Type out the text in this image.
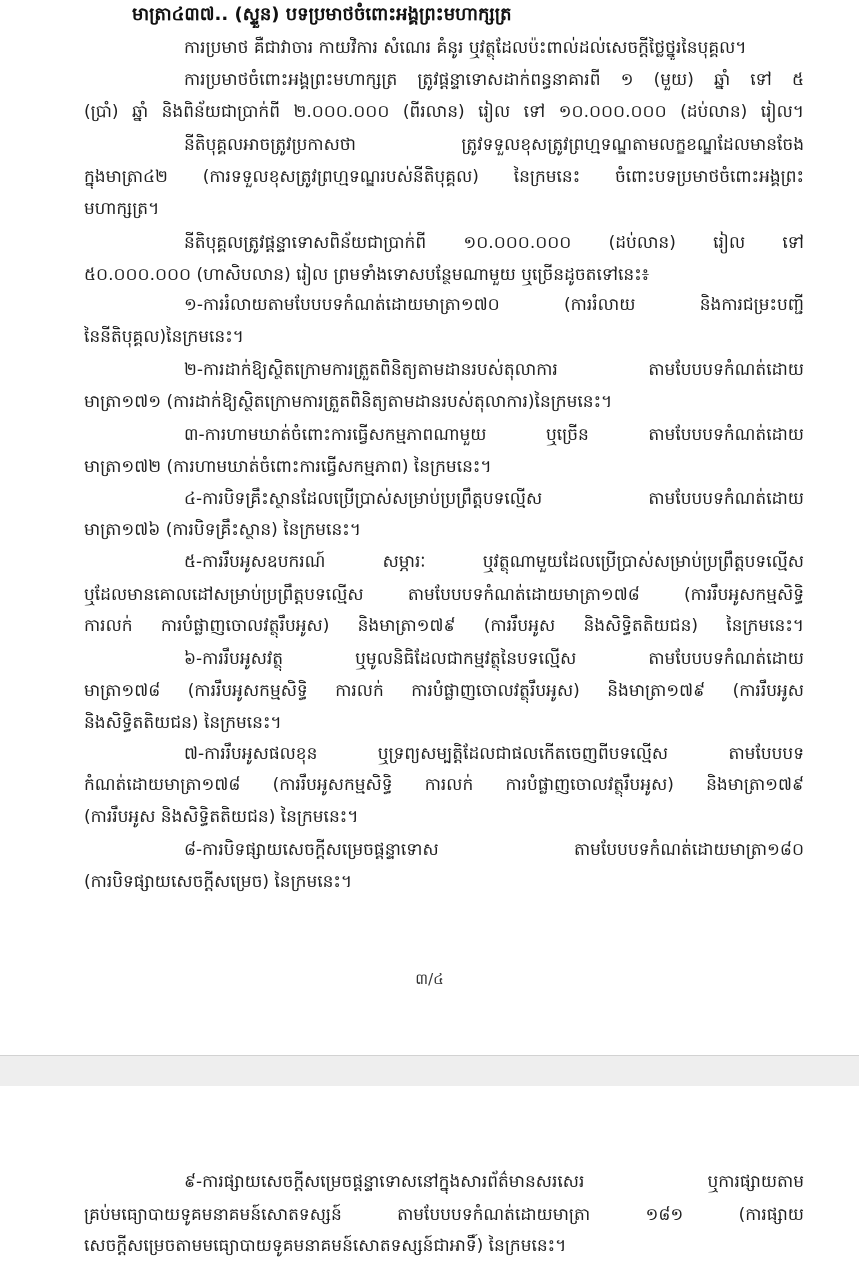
មាត្រា៤៣៧.. (ស្ទួន) បទប្រមាថចំពោះអង្គព្រះមហាក្សត្រ
ការប្រមាថ គឺជាវាចារ កាយវិការ សំណេរ គំនូរ ឬវត្ថុដែលប៉ះពាល់ដល់សេចក្ដីថ្លៃថ្នូរនៃបុគ្គល។
ការប្រមាថចំពោះអង្គព្រះមហាក្សត្រ ត្រូវផ្ដន្ទាទោសដាក់ពន្ធនាគារពី ១ (មួយ) ឆ្នាំ ទៅ ៥
(ប្រាំ) ឆ្នាំ និងពិន័យជាប្រាក់ពី ២.០០០.០០០ (ពីរលាន) រៀល ទៅ ១០.០០០.០០០ (ដប់លាន) រៀល។
នីតិបុគ្គលអាចត្រូវប្រកាសថា ត្រូវទទួលខុសត្រូវព្រហ្មទណ្ឌតាមលក្ខខណ្ឌដែលមានចែង
ក្នុងមាត្រា៤២ (ការទទួលខុសត្រូវព្រហ្មទណ្ឌរបស់នីតិបុគ្គល) នៃក្រមនេះ ចំពោះបទប្រមាថចំពោះអង្គព្រះ
មហាក្សត្រ។
នីតិបុគ្គលត្រូវផ្ដន្ទាទោសពិន័យជាប្រាក់ពី ១០.០០០.០០០ (ដប់លាន) រៀល ទៅ
៥០.០០០.០០០ (ហាសិបលាន) រៀល ព្រមទាំងទោសបន្ថែមណាមួយ ឬច្រើនដូចតទៅនេះ៖
១-ការរំលាយតាមបែបបទកំណត់ដោយមាត្រា១៧០ (ការរំលាយ និងការជម្រះបញ្ជី
នៃនីតិបុគ្គល)នៃក្រមនេះ។
២-ការដាក់ឱ្យស្ថិតក្រោមការត្រួតពិនិត្យតាមដានរបស់តុលាការ តាមបែបបទកំណត់ដោយ
មាត្រា១៧១ (ការដាក់ឱ្យស្ថិតក្រោមការត្រួតពិនិត្យតាមដានរបស់តុលាការ)នៃក្រមនេះ។
៣-ការហាមឃាត់ចំពោះការធ្វើសកម្មភាពណាមួយ ឬច្រើន តាមបែបបទកំណត់ដោយ
មាត្រា១៧២ (ការហាមឃាត់ចំពោះការធ្វើសកម្មភាព) នៃក្រមនេះ។
៤-ការបិទគ្រឹះស្ថានដែលប្រើប្រាស់សម្រាប់ប្រព្រឹត្តបទល្មើស តាមបែបបទកំណត់ដោយ
មាត្រា១៧៦ (ការបិទគ្រឹះស្ថាន) នៃក្រមនេះ។
៥-ការរឹបអូសឧបករណ៍ សម្ភារៈ ឬវត្ថុណាមួយដែលប្រើប្រាស់សម្រាប់ប្រព្រឹត្តបទល្មើស
ឬដែលមានគោលដៅសម្រាប់ប្រព្រឹត្តបទល្មើស តាមបែបបទកំណត់ដោយមាត្រា១៧៨ (ការរឹបអូសកម្មសិទ្ធិ
ការលក់ ការបំផ្លាញចោលវត្ថុរឹបអូស) និងមាត្រា១៧៩ (ការរឹបអូស និងសិទ្ធិតតិយជន) នៃក្រមនេះ។
៦-ការរឹបអូសវត្ថុ ឬមូលនិធិដែលជាកម្មវត្ថុនៃបទល្មើស តាមបែបបទកំណត់ដោយ
មាត្រា១៧៨ (ការរឹបអូសកម្មសិទ្ធិ ការលក់ ការបំផ្លាញចោលវត្ថុរឹបអូស) និងមាត្រា១៧៩ (ការរឹបអូស
និងសិទ្ធិតតិយជន) នៃក្រមនេះ។
៧-ការរឹបអូសផលខុន ឬទ្រព្យសម្បត្តិដែលជាផលកើតចេញពីបទល្មើស តាមបែបបទ
កំណត់ដោយមាត្រា១៧៨ (ការរឹបអូសកម្មសិទ្ធិ ការលក់ ការបំផ្លាញចោលវត្ថុរឹបអូស) និងមាត្រា១៧៩
(ការរឹបអូស និងសិទ្ធិតតិយជន) នៃក្រមនេះ។
៨-ការបិទផ្សាយសេចក្ដីសម្រេចផ្ដន្ទាទោស តាមបែបបទកំណត់ដោយមាត្រា១៨០
(ការបិទផ្សាយសេចក្ដីសម្រេច) នៃក្រមនេះ។
៣/៤
៩-ការផ្សាយសេចក្ដីសម្រេចផ្ដន្ទាទោសនៅក្នុងសារព័ត៌មានសរសេរ ឬការផ្សាយតាម
គ្រប់មធ្យោបាយទូគមនាគមន៍សោតទស្សន៍ តាមបែបបទកំណត់ដោយមាត្រា ១៨១ (ការផ្សាយ
សេចក្ដីសម្រេចតាមមធ្យោបាយទូគមនាគមន៍សោតទស្សន៍ជាអាទិ៍) នៃក្រមនេះ។
